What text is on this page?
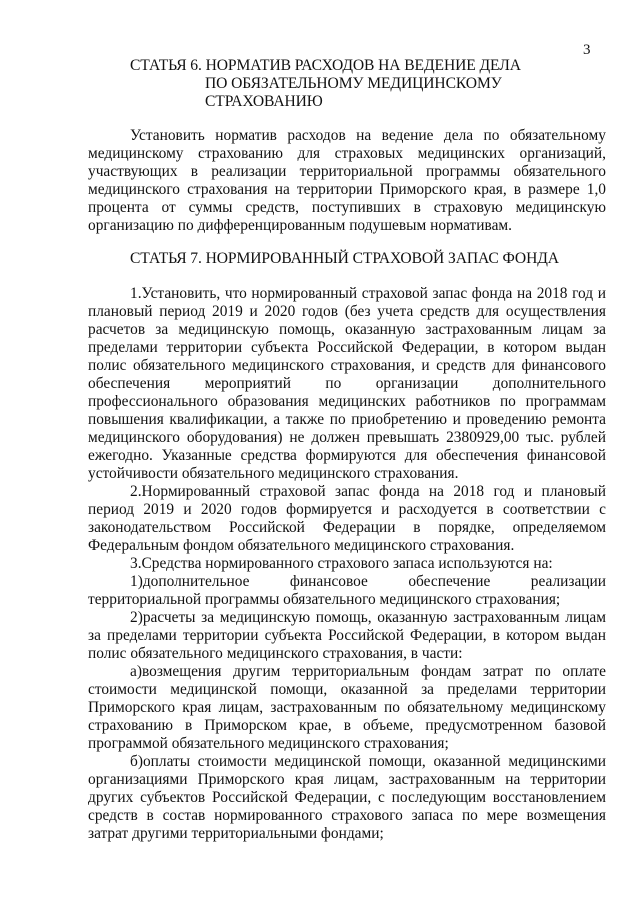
3
СТАТЬЯ 6. НОРМАТИВ РАСХОДОВ НА ВЕДЕНИЕ ДЕЛА

ПО ОБЯЗАТЕЛЬНОМУ МЕДИЦИНСКОМУ
СТРАХОВАНИЮ

Установить норматив расходов на ведение дела по обязательному медицинскому страхованию для страховых медицинских организаций, участвующих в реализации территориальной программы обязательного медицинского страхования на территории Приморского края, в размере 1,0 процента от суммы средств, поступивших в страховую медицинскую организацию по дифференцированным подушевым нормативам.

СТАТЬЯ 7. НОРМИРОВАННЫЙ СТРАХОВОЙ ЗАПАС ФОНДА

1.Установить, что нормированный страховой запас фонда на 2018 год и плановый период 2019 и 2020 годов (без учета средств для осуществления расчетов за медицинскую помощь, оказанную застрахованным лицам за пределами территории субъекта Российской Федерации, в котором выдан полис обязательного медицинского страхования, и средств для финансового обеспечения мероприятий по организации дополнительного профессионального образования медицинских работников по программам повышения квалификации, а также по приобретению и проведению ремонта медицинского оборудования) не должен превышать 2380929,00 тыс. рублей ежегодно. Указанные средства формируются для обеспечения финансовой устойчивости обязательного медицинского страхования.

2.Нормированный страховой запас фонда на 2018 год и плановый период 2019 и 2020 годов формируется и расходуется в соответствии с законодательством Российской Федерации в порядке, определяемом Федеральным фондом обязательного медицинского страхования.

3.Средства нормированного страхового запаса используются на:

1)дополнительное финансовое обеспечение реализации территориальной программы обязательного медицинского страхования;

2)расчеты за медицинскую помощь, оказанную застрахованным лицам за пределами территории субъекта Российской Федерации, в котором выдан полис обязательного медицинского страхования, в части:

а)возмещения другим территориальным фондам затрат по оплате стоимости медицинской помощи, оказанной за пределами территории Приморского края лицам, застрахованным по обязательному медицинскому страхованию в Приморском крае, в объеме, предусмотренном базовой программой обязательного медицинского страхования;

б)оплаты стоимости медицинской помощи, оказанной медицинскими организациями Приморского края лицам, застрахованным на территории других субъектов Российской Федерации, с последующим восстановлением средств в состав нормированного страхового запаса по мере возмещения затрат другими территориальными фондами;
